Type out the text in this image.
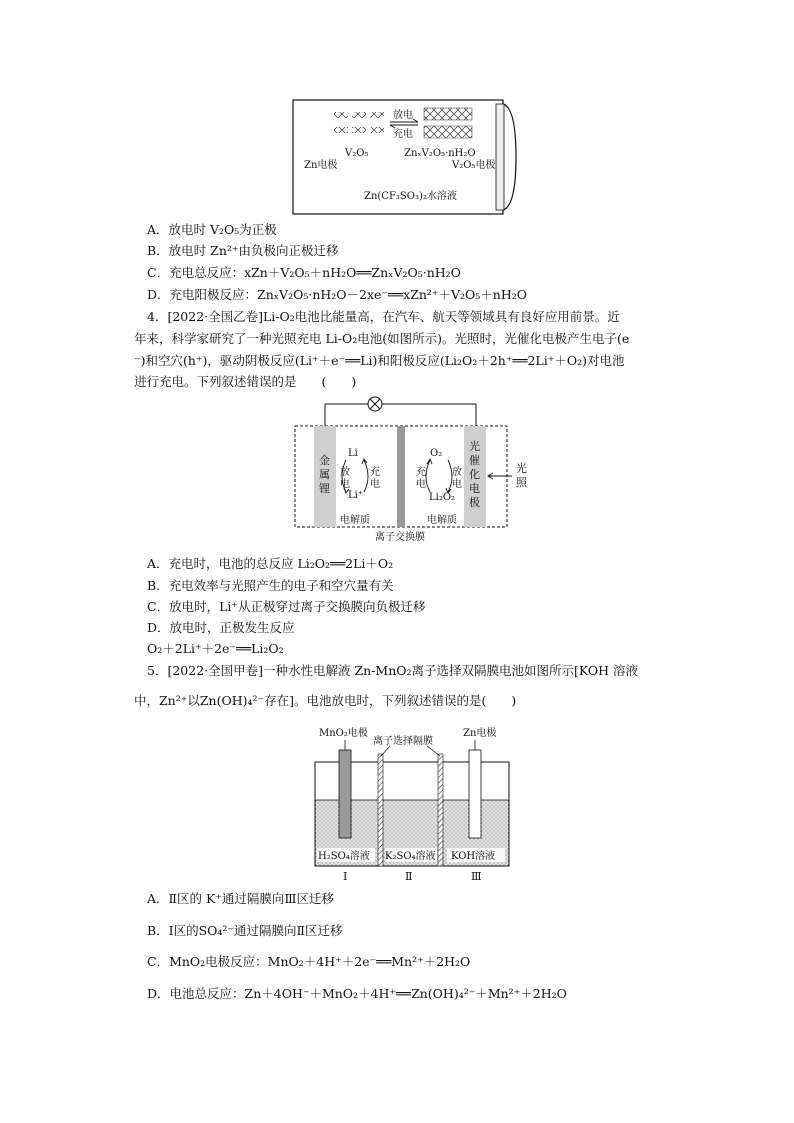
放电
充电
V₂O₅	ZnₓV₂O₅·nH₂O
Zn电极	V₂O₅电极
Zn(CF₃SO₃)₂水溶液
A．放电时 V₂O₅为正极
B．放电时 Zn²⁺由负极向正极迁移
C．充电总反应：xZn＋V₂O₅＋nH₂O══ZnₓV₂O₅·nH₂O
D．充电阳极反应：ZnₓV₂O₅·nH₂O－2xe⁻══xZn²⁺＋V₂O₅＋nH₂O
4．[2022·全国乙卷]Li-O₂电池比能量高，在汽车、航天等领域具有良好应用前景。近
年来，科学家研究了一种光照充电 Li-O₂电池(如图所示)。光照时，光催化电极产生电子(e
⁻)和空穴(h⁺)，驱动阴极反应(Li⁺＋e⁻══Li)和阳极反应(Li₂O₂＋2h⁺══2Li⁺＋O₂)对电池
进行充电。下列叙述错误的是　　(　　)
金
属
锂
光
催
化
电
极
光
照
Li
Li⁺
放
电
充
电
O₂
Li₂O₂
充
电
放
电
电解质	电解质
离子交换膜
A．充电时，电池的总反应 Li₂O₂══2Li＋O₂
B．充电效率与光照产生的电子和空穴量有关
C．放电时，Li⁺从正极穿过离子交换膜向负极迁移
D．放电时，正极发生反应
O₂＋2Li⁺＋2e⁻══Li₂O₂
5．[2022·全国甲卷]一种水性电解液 Zn-MnO₂离子选择双隔膜电池如图所示[KOH 溶液
中，Zn²⁺以Zn(OH)₄²⁻存在]。电池放电时，下列叙述错误的是(　　)
MnO₂电极
离子选择隔膜
Zn电极
H₂SO₄溶液 K₂SO₄溶液 KOH溶液
Ⅰ	Ⅱ	Ⅲ
A．Ⅱ区的 K⁺通过隔膜向Ⅲ区迁移
B．Ⅰ区的SO₄²⁻通过隔膜向Ⅱ区迁移
C．MnO₂电极反应：MnO₂＋4H⁺＋2e⁻══Mn²⁺＋2H₂O
D．电池总反应：Zn＋4OH⁻＋MnO₂＋4H⁺══Zn(OH)₄²⁻＋Mn²⁺＋2H₂O
